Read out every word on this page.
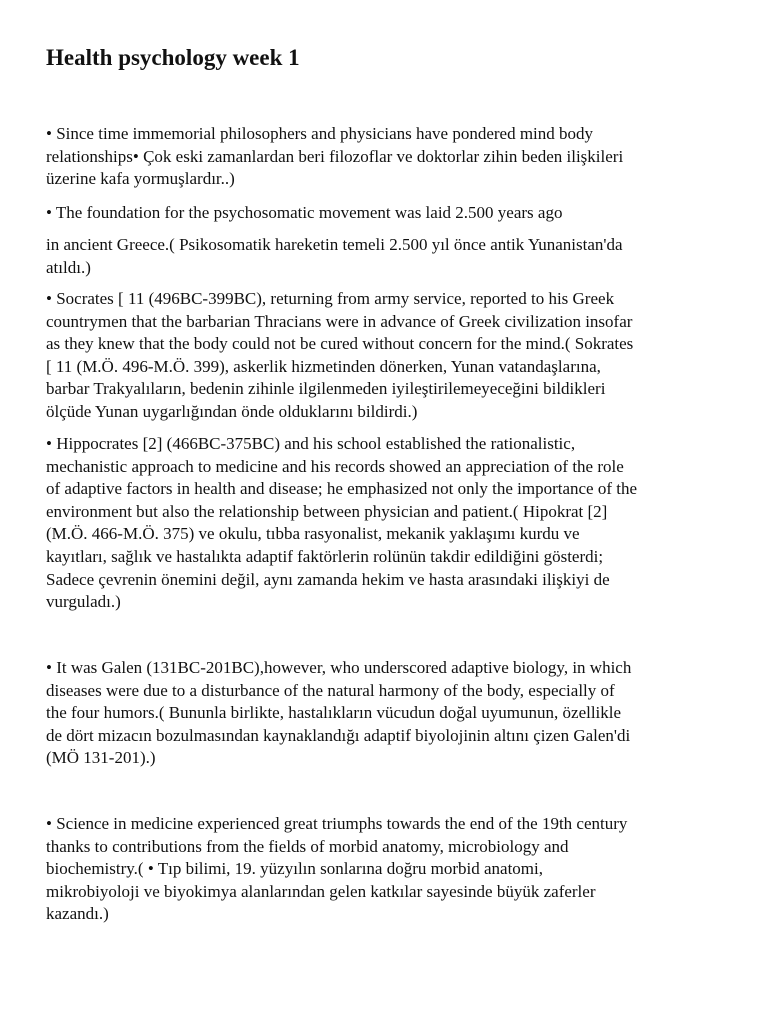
Health psychology week 1
• Since time immemorial philosophers and physicians have pondered mind body
relationships• Çok eski zamanlardan beri filozoflar ve doktorlar zihin beden ilişkileri
üzerine kafa yormuşlardır..)
• The foundation for the psychosomatic movement was laid 2.500 years ago
in ancient Greece.( Psikosomatik hareketin temeli 2.500 yıl önce antik Yunanistan'da
atıldı.)
• Socrates [ 11 (496BC-399BC), returning from army service, reported to his Greek
countrymen that the barbarian Thracians were in advance of Greek civilization insofar
as they knew that the body could not be cured without concern for the mind.( Sokrates
[ 11 (M.Ö. 496-M.Ö. 399), askerlik hizmetinden dönerken, Yunan vatandaşlarına,
barbar Trakyalıların, bedenin zihinle ilgilenmeden iyileştirilemeyeceğini bildikleri
ölçüde Yunan uygarlığından önde olduklarını bildirdi.)
• Hippocrates [2] (466BC-375BC) and his school established the rationalistic,
mechanistic approach to medicine and his records showed an appreciation of the role
of adaptive factors in health and disease; he emphasized not only the importance of the
environment but also the relationship between physician and patient.( Hipokrat [2]
(M.Ö. 466-M.Ö. 375) ve okulu, tıbba rasyonalist, mekanik yaklaşımı kurdu ve
kayıtları, sağlık ve hastalıkta adaptif faktörlerin rolünün takdir edildiğini gösterdi;
Sadece çevrenin önemini değil, aynı zamanda hekim ve hasta arasındaki ilişkiyi de
vurguladı.)
• It was Galen (131BC-201BC),however, who underscored adaptive biology, in which
diseases were due to a disturbance of the natural harmony of the body, especially of
the four humors.( Bununla birlikte, hastalıkların vücudun doğal uyumunun, özellikle
de dört mizacın bozulmasından kaynaklandığı adaptif biyolojinin altını çizen Galen'di
(MÖ 131-201).)
• Science in medicine experienced great triumphs towards the end of the 19th century
thanks to contributions from the fields of morbid anatomy, microbiology and
biochemistry.( • Tıp bilimi, 19. yüzyılın sonlarına doğru morbid anatomi,
mikrobiyoloji ve biyokimya alanlarından gelen katkılar sayesinde büyük zaferler
kazandı.)
